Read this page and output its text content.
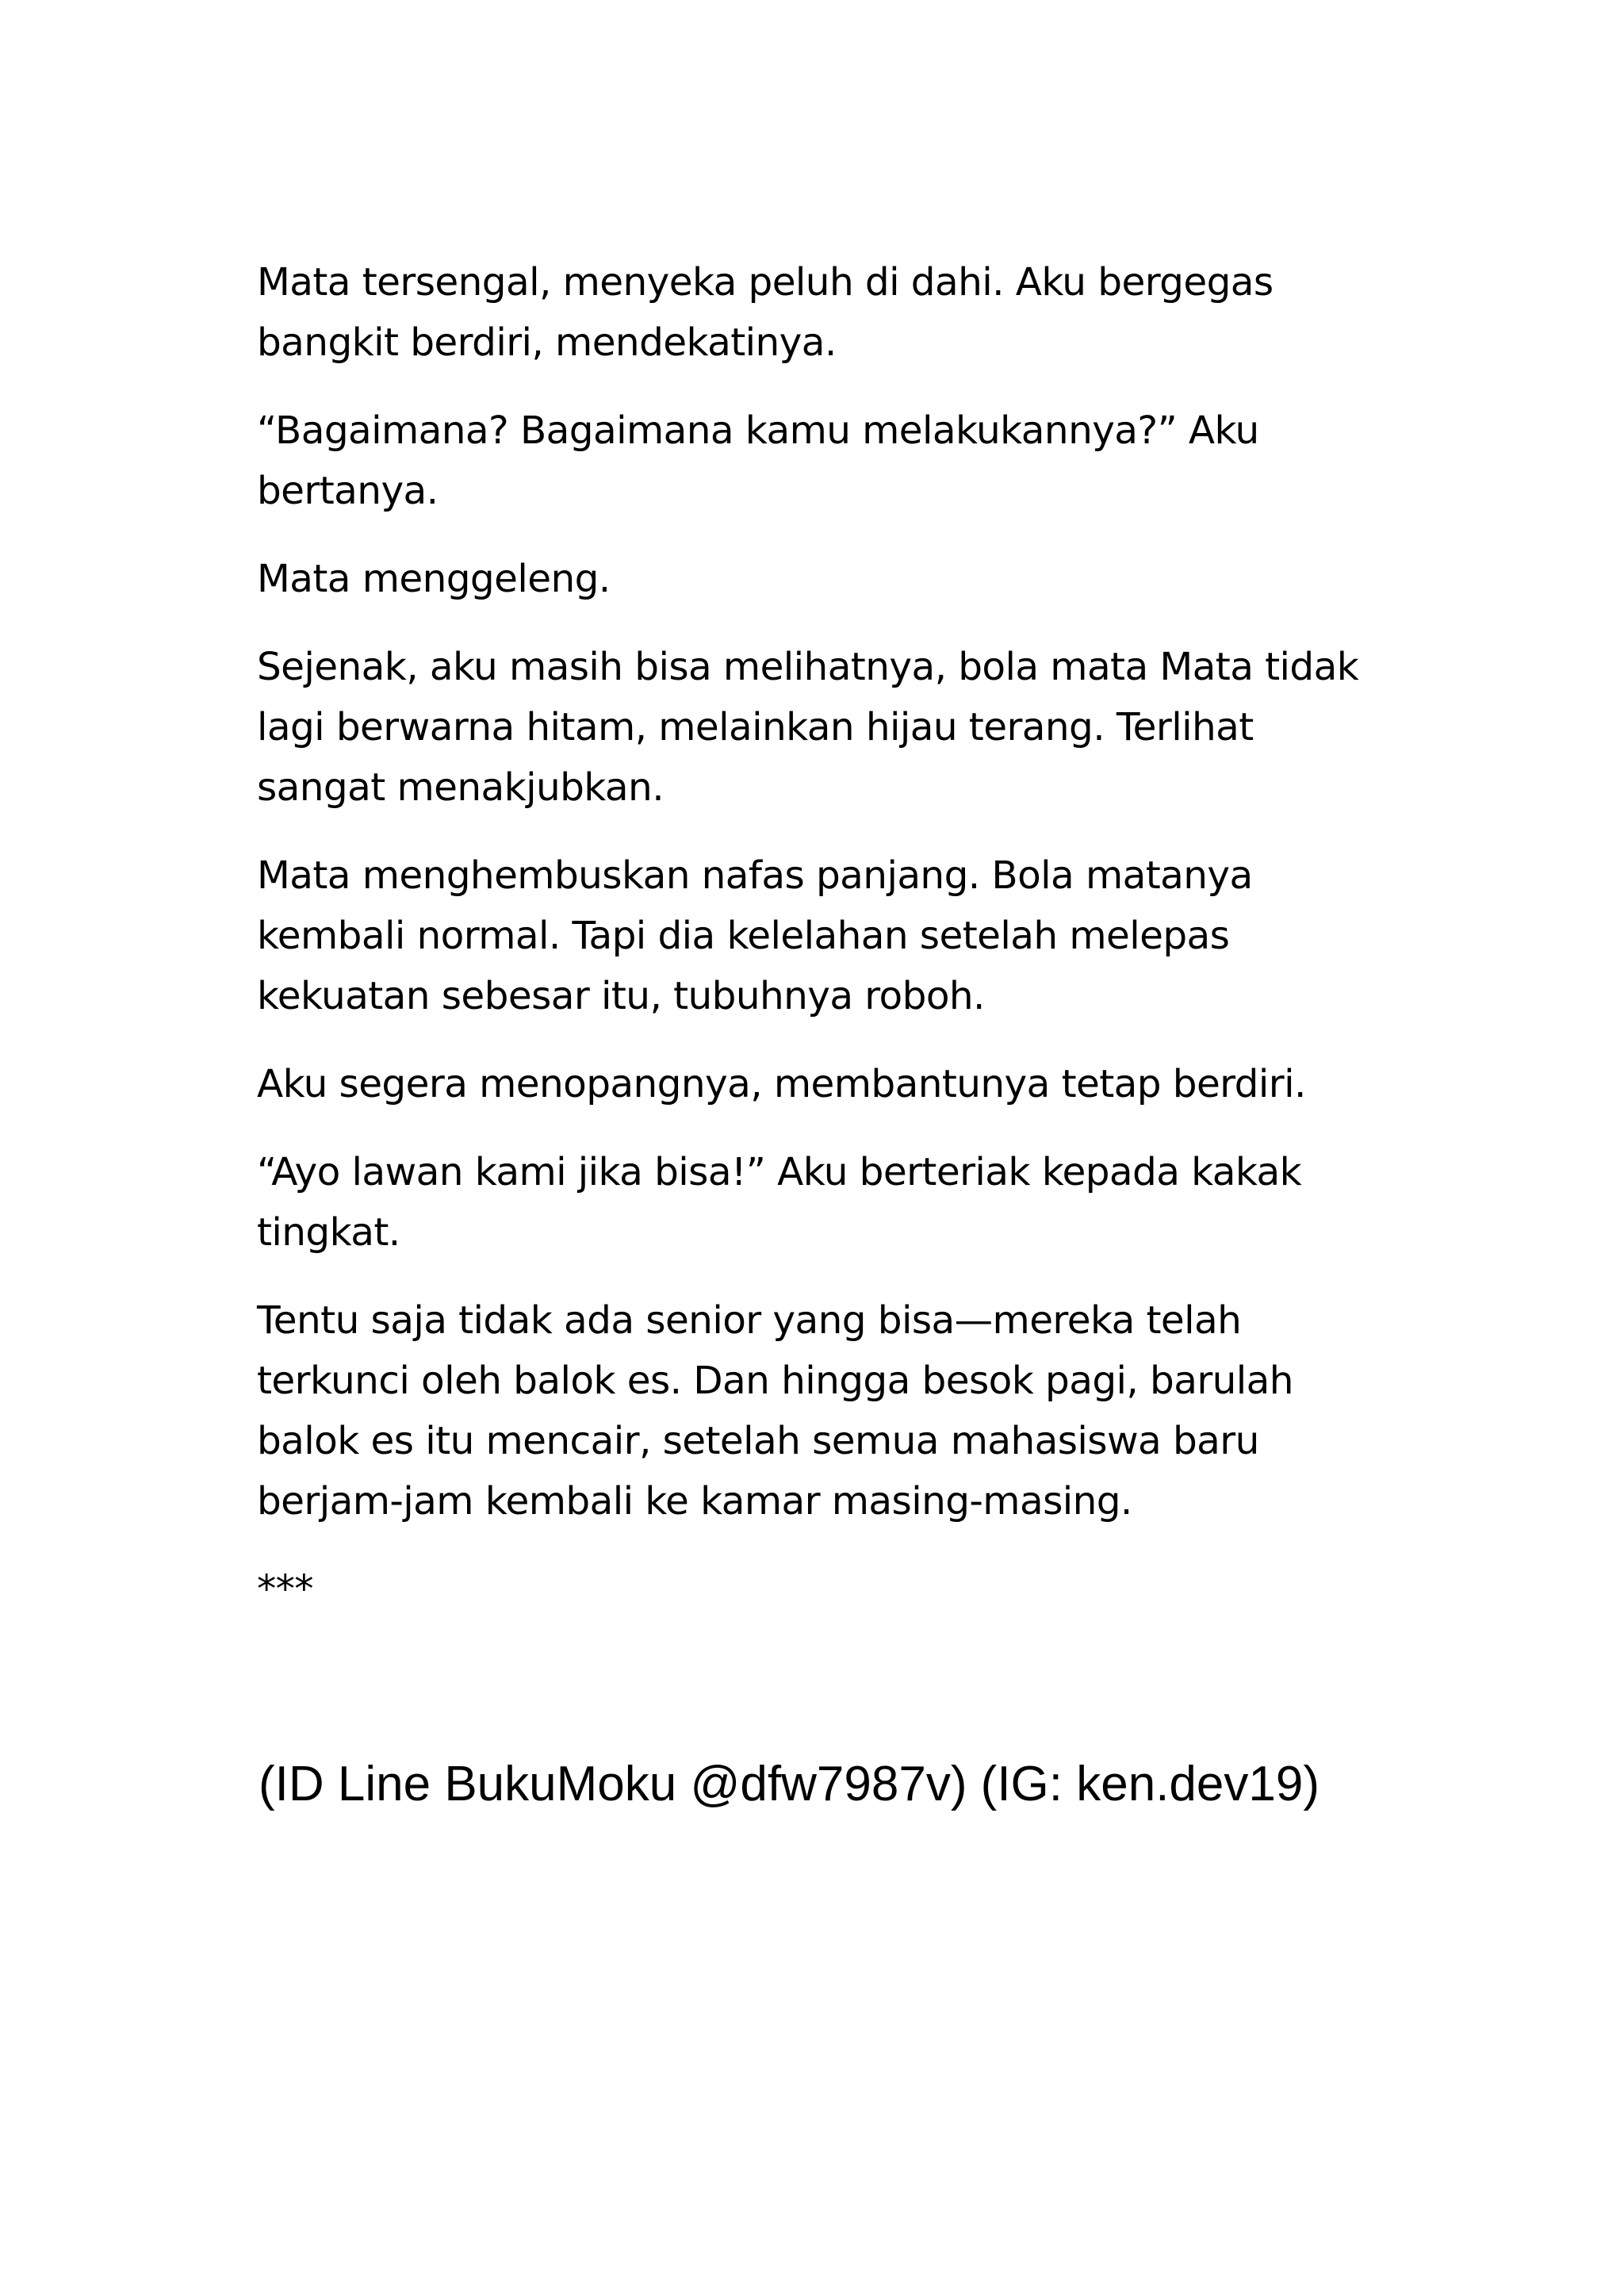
Mata tersengal, menyeka peluh di dahi. Aku bergegas bangkit berdiri, mendekatinya.

“Bagaimana? Bagaimana kamu melakukannya?” Aku bertanya.

Mata menggeleng.

Sejenak, aku masih bisa melihatnya, bola mata Mata tidak lagi berwarna hitam, melainkan hijau terang. Terlihat sangat menakjubkan.

Mata menghembuskan nafas panjang. Bola matanya kembali normal. Tapi dia kelelahan setelah melepas kekuatan sebesar itu, tubuhnya roboh.

Aku segera menopangnya, membantunya tetap berdiri.

“Ayo lawan kami jika bisa!” Aku berteriak kepada kakak tingkat.

Tentu saja tidak ada senior yang bisa—mereka telah terkunci oleh balok es. Dan hingga besok pagi, barulah balok es itu mencair, setelah semua mahasiswa baru berjam-jam kembali ke kamar masing-masing.

***

(ID Line BukuMoku @dfw7987v) (IG: ken.dev19)
